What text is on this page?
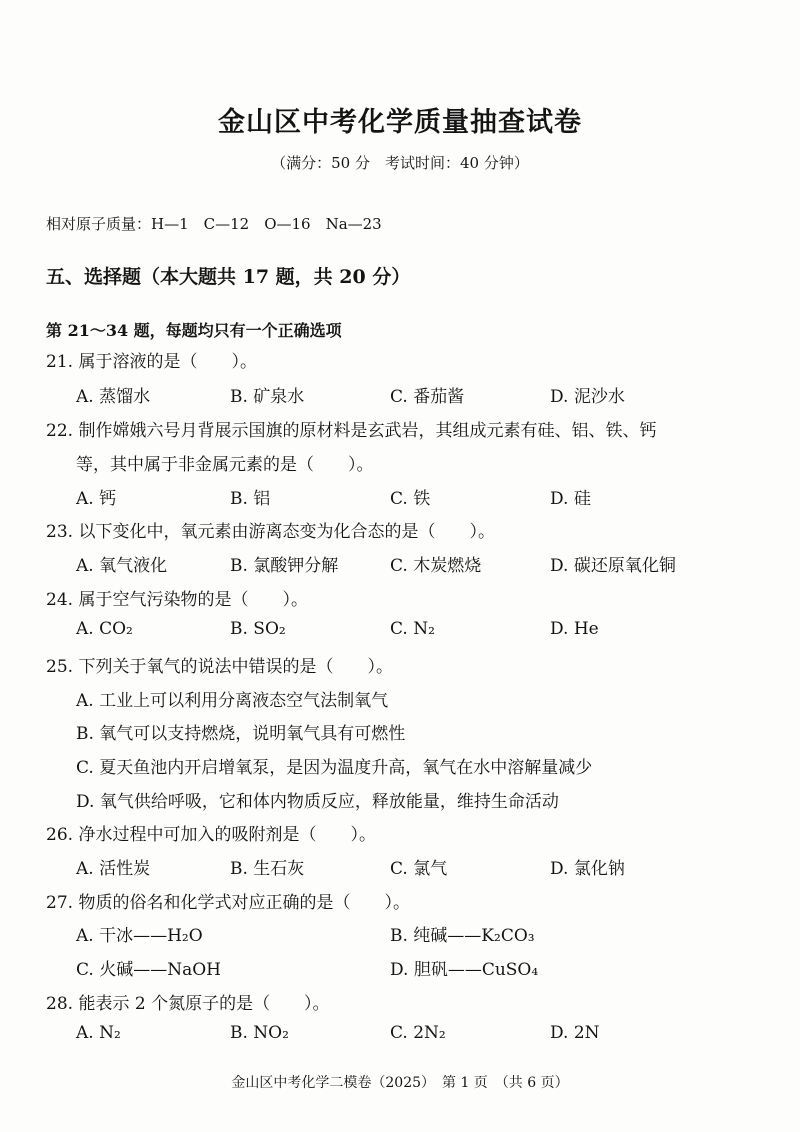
金山区中考化学质量抽查试卷
（满分：50 分　考试时间：40 分钟）
相对原子质量：H—1　C—12　O—16　Na—23
五、选择题（本大题共 17 题，共 20 分）
第 21～34 题，每题均只有一个正确选项
21. 属于溶液的是（　　）。
A. 蒸馏水	B. 矿泉水	C. 番茄酱	D. 泥沙水
22. 制作嫦娥六号月背展示国旗的原材料是玄武岩，其组成元素有硅、铝、铁、钙
等，其中属于非金属元素的是（　　）。
A. 钙	B. 铝	C. 铁	D. 硅
23. 以下变化中，氧元素由游离态变为化合态的是（　　）。
A. 氧气液化	B. 氯酸钾分解	C. 木炭燃烧	D. 碳还原氧化铜
24. 属于空气污染物的是（　　）。
A. CO₂	B. SO₂	C. N₂	D. He
25. 下列关于氧气的说法中错误的是（　　）。
A. 工业上可以利用分离液态空气法制氧气
B. 氧气可以支持燃烧，说明氧气具有可燃性
C. 夏天鱼池内开启增氧泵，是因为温度升高，氧气在水中溶解量减少
D. 氧气供给呼吸，它和体内物质反应，释放能量，维持生命活动
26. 净水过程中可加入的吸附剂是（　　）。
A. 活性炭	B. 生石灰	C. 氯气	D. 氯化钠
27. 物质的俗名和化学式对应正确的是（　　）。
A. 干冰——H₂O	B. 纯碱——K₂CO₃
C. 火碱——NaOH	D. 胆矾——CuSO₄
28. 能表示 2 个氮原子的是（　　）。
A. N₂	B. NO₂	C. 2N₂	D. 2N
金山区中考化学二模卷（2025）　第 1 页　（共 6 页）
